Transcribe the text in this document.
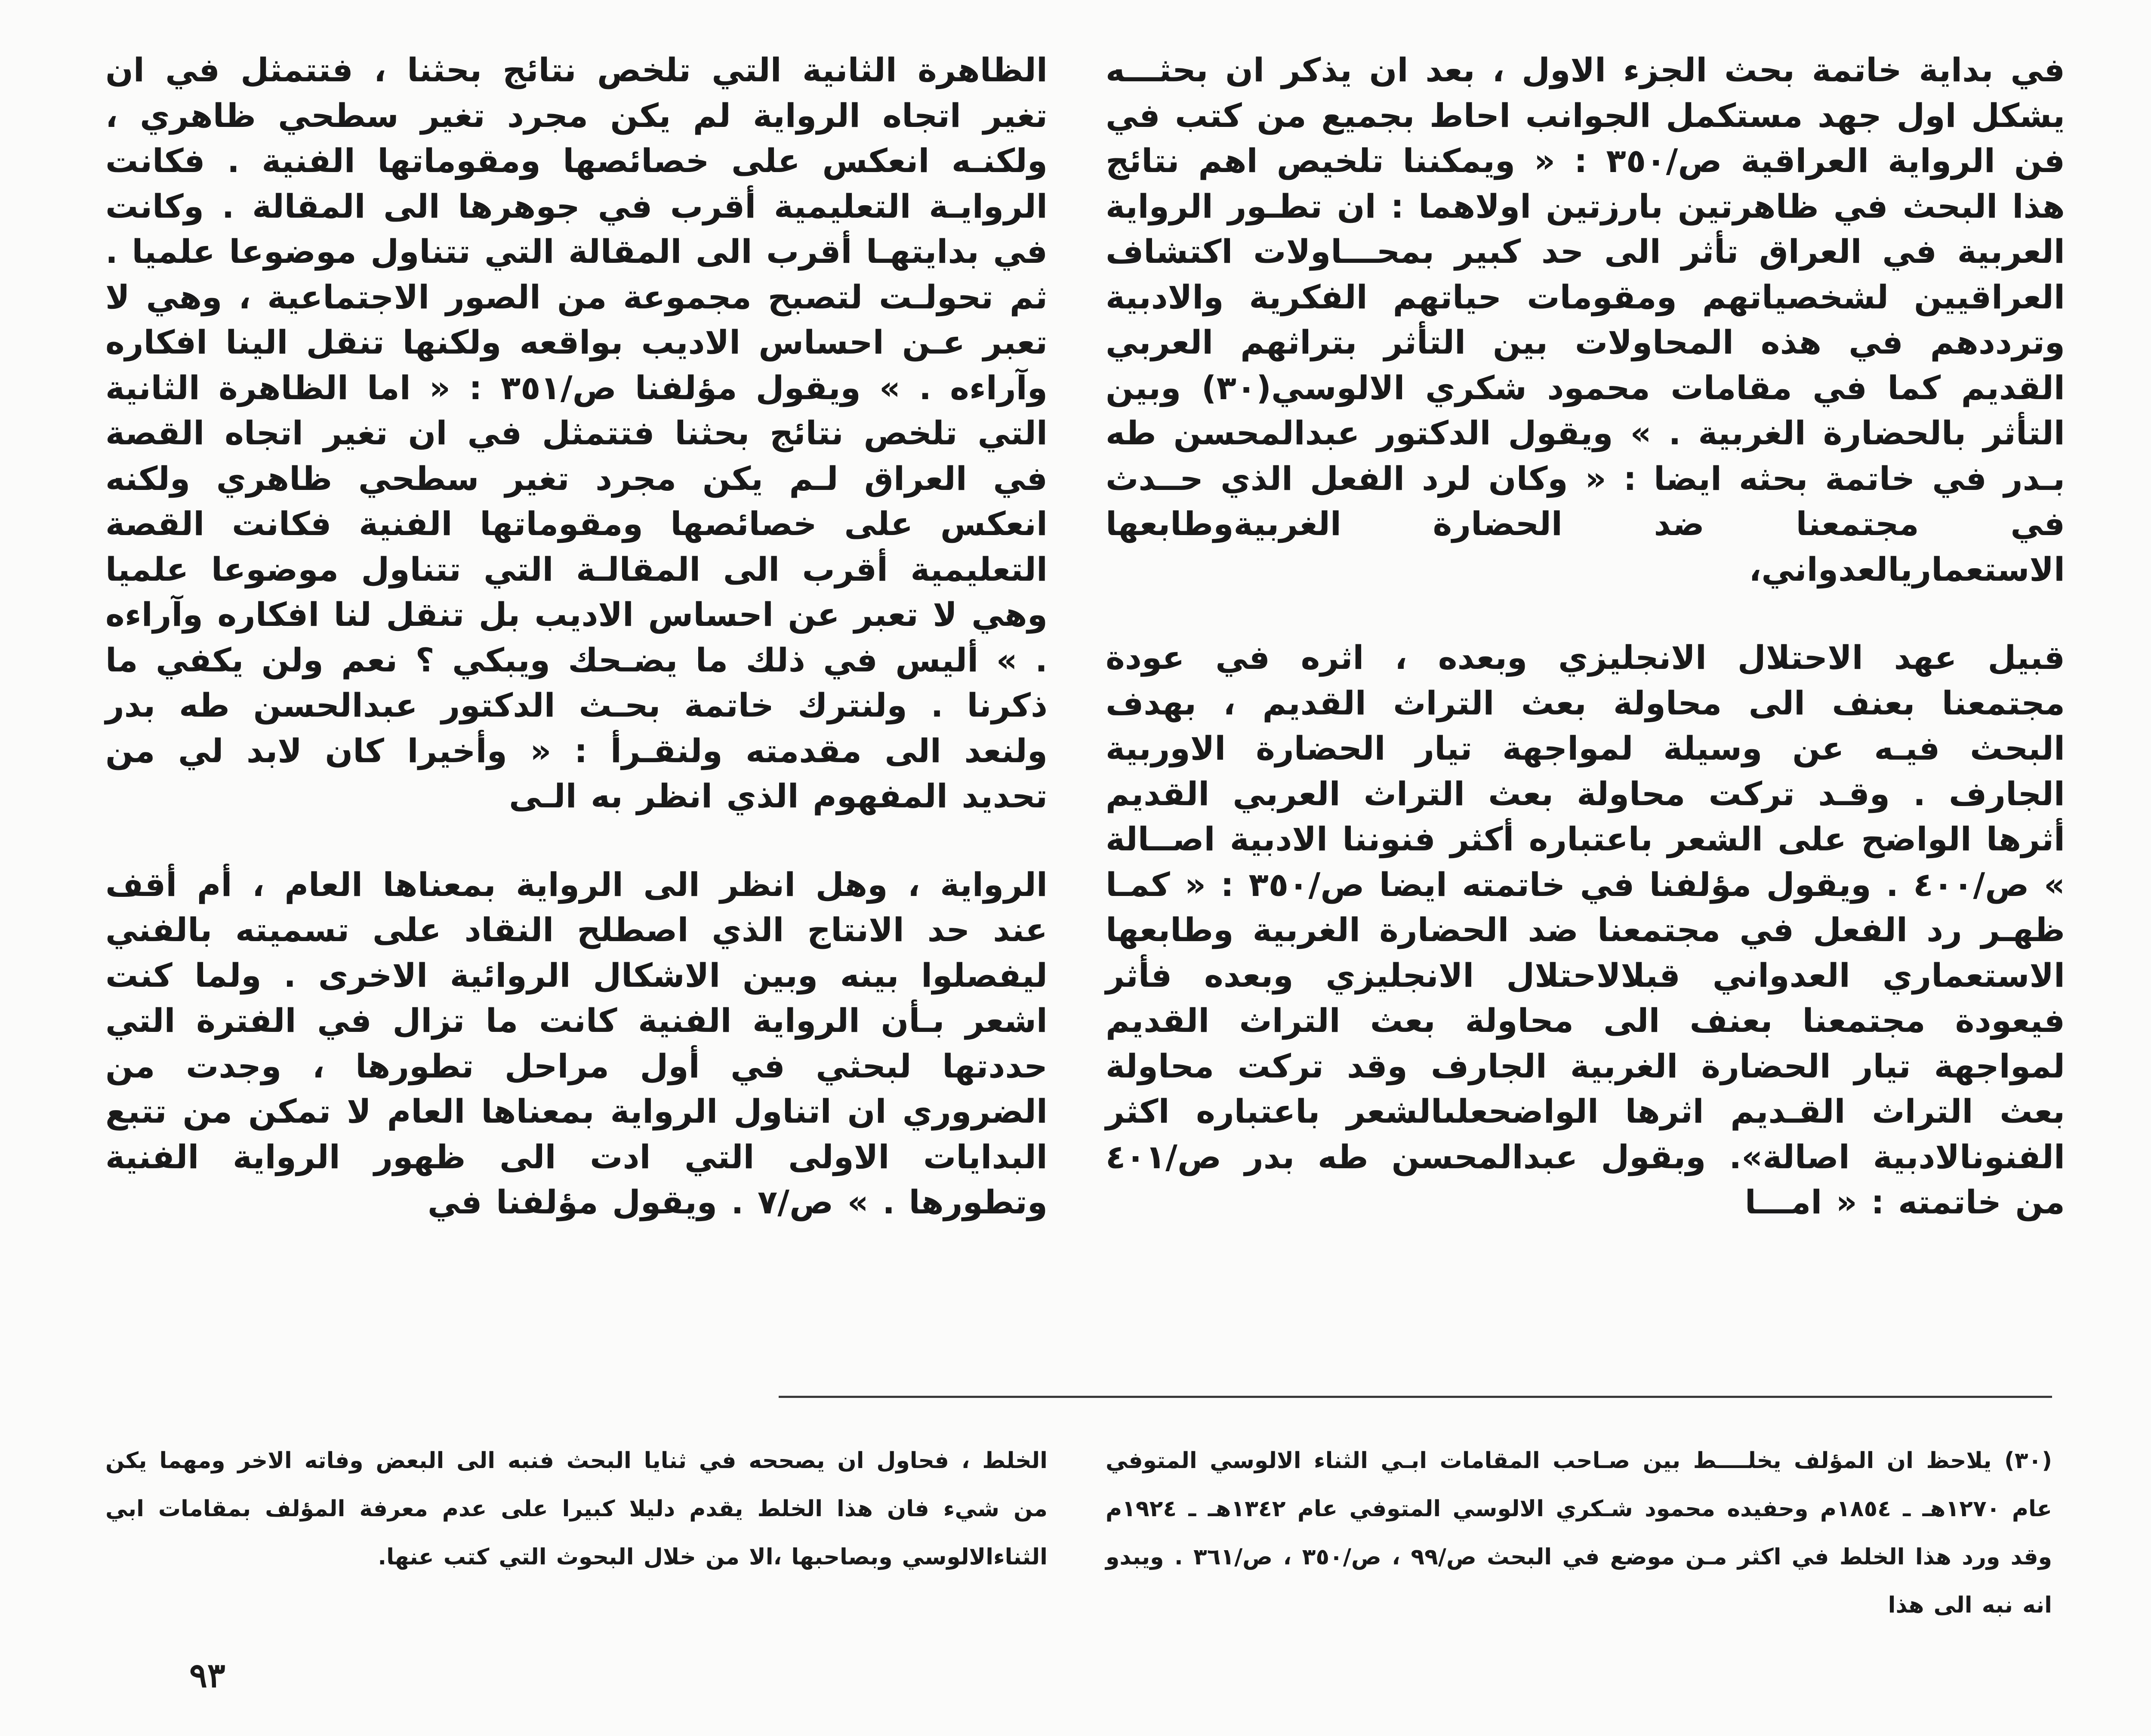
في بداية خاتمة بحث الجزء الاول ، بعد ان يذكر ان بحثـــه يشكل اول جهد مستكمل الجوانب احاط بجميع من كتب في فن الرواية العراقية ص/٣٥٠ : « ويمكننا تلخيص اهم نتائج هذا البحث في ظاهرتين بارزتين اولاهما : ان تطـور الرواية العربية في العراق تأثر الى حد كبير بمحـــاولات اكتشاف العراقيين لشخصياتهم ومقومات حياتهم الفكرية والادبية وترددهم في هذه المحاولات بين التأثر بتراثهم العربي القديم كما في مقامات محمود شكري الالوسي(٣٠) وبين التأثر بالحضارة الغربية . » ويقول الدكتور عبدالمحسن طه بـدر في خاتمة بحثه ايضا : « وكان لرد الفعل الذي حــدث في مجتمعنا ضد الحضارة الغربيةوطابعها الاستعماريالعدواني،

قبيل عهد الاحتلال الانجليزي وبعده ، اثره في عودة مجتمعنا بعنف الى محاولة بعث التراث القديم ، بهدف البحث فيـه عن وسيلة لمواجهة تيار الحضارة الاوربية الجارف . وقـد تركت محاولة بعث التراث العربي القديم أثرها الواضح على الشعر باعتباره أكثر فنوننا الادبية اصــالة » ص/٤٠٠ . ويقول مؤلفنا في خاتمته ايضا ص/٣٥٠ : « كمـا ظهـر رد الفعل في مجتمعنا ضد الحضارة الغربية وطابعها الاستعماري العدواني قبلالاحتلال الانجليزي وبعده فأثر فيعودة مجتمعنا بعنف الى محاولة بعث التراث القديم لمواجهة تيار الحضارة الغربية الجارف وقد تركت محاولة بعث التراث القـديم اثرها الواضحعلىالشعر باعتباره اكثر الفنونالادبية اصالة». وبقول عبدالمحسن طه بدر ص/٤٠١ من خاتمته : « امـــا

الظاهرة الثانية التي تلخص نتائج بحثنا ، فتتمثل في ان تغير اتجاه الرواية لم يكن مجرد تغير سطحي ظاهري ، ولكنـه انعكس على خصائصها ومقوماتها الفنية . فكانت الروايـة التعليمية أقرب في جوهرها الى المقالة . وكانت في بدايتهـا أقرب الى المقالة التي تتناول موضوعا علميا . ثم تحولـت لتصبح مجموعة من الصور الاجتماعية ، وهي لا تعبر عـن احساس الاديب بواقعه ولكنها تنقل الينا افكاره وآراءه . » ويقول مؤلفنا ص/٣٥١ : « اما الظاهرة الثانية التي تلخص نتائج بحثنا فتتمثل في ان تغير اتجاه القصة في العراق لـم يكن مجرد تغير سطحي ظاهري ولكنه انعكس على خصائصها ومقوماتها الفنية فكانت القصة التعليمية أقرب الى المقالـة التي تتناول موضوعا علميا وهي لا تعبر عن احساس الاديب بل تنقل لنا افكاره وآراءه . » أليس في ذلك ما يضـحك ويبكي ؟ نعم ولن يكفي ما ذكرنا . ولنترك خاتمة بحـث الدكتور عبدالحسن طه بدر ولنعد الى مقدمته ولنقـرأ : « وأخيرا كان لابد لي من تحديد المفهوم الذي انظر به الـى

الرواية ، وهل انظر الى الرواية بمعناها العام ، أم أقف عند حد الانتاج الذي اصطلح النقاد على تسميته بالفني ليفصلوا بينه وبين الاشكال الروائية الاخرى . ولما كنت اشعر بـأن الرواية الفنية كانت ما تزال في الفترة التي حددتها لبحثي في أول مراحل تطورها ، وجدت من الضروري ان اتناول الرواية بمعناها العام لا تمكن من تتبع البدايات الاولى التي ادت الى ظهور الرواية الفنية وتطورها . » ص/٧ . ويقول مؤلفنا في

(٣٠) يلاحظ ان المؤلف يخلــــط بين صـاحب المقامات ابـي الثناء الالوسي المتوفي عام ١٢٧٠هـ ـ ١٨٥٤م وحفيده محمود شـكري الالوسي المتوفي عام ١٣٤٢هـ ـ ١٩٢٤م وقد ورد هذا الخلط في اكثر مـن موضع في البحث ص/٩٩ ، ص/٣٥٠ ، ص/٣٦١ . ويبدو انه نبه الى هذا

الخلط ، فحاول ان يصححه في ثنايا البحث فنبه الى البعض وفاته الاخر ومهما يكن من شيء فان هذا الخلط يقدم دليلا كبيرا على عدم معرفة المؤلف بمقامات ابي الثناءالالوسي وبصاحبها ،الا من خلال البحوث التي كتب عنها.

٩٣
